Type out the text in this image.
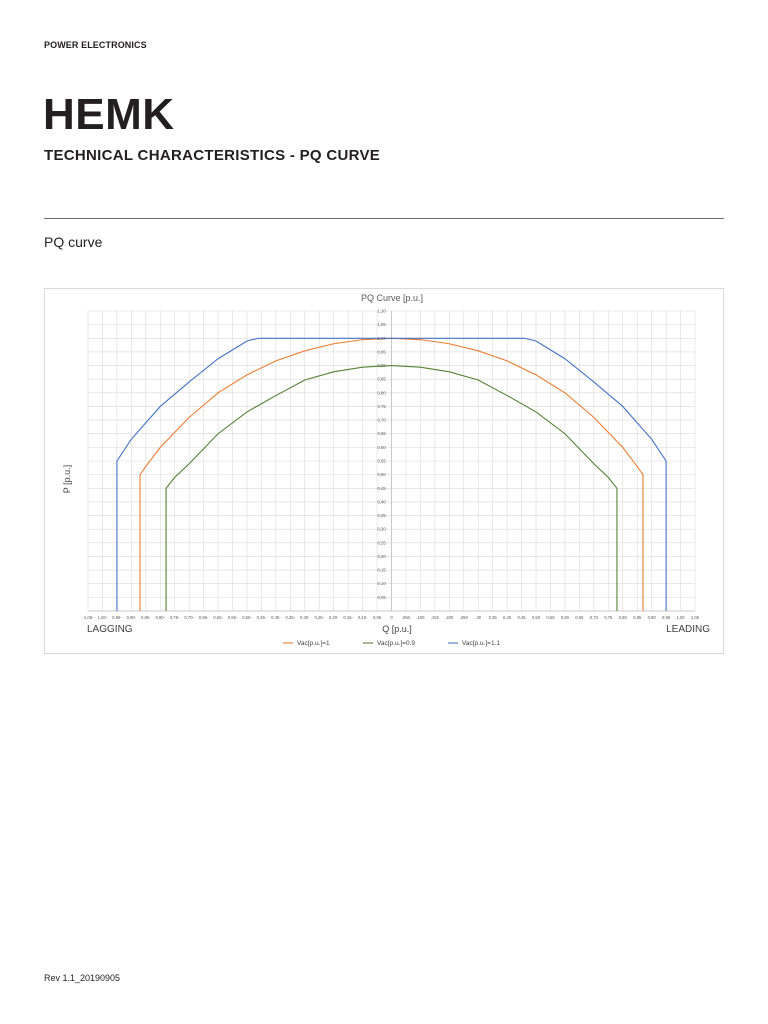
POWER ELECTRONICS
HEMK
TECHNICAL CHARACTERISTICS - PQ CURVE
PQ curve
PQ Curve [p.u.]
1,10
1,05
1,00
0,95
0,90
0,85
0,80
0,75
0,70
0,65
0,60
0,55
0,50
0,45
0,40
0,35
0,30
0,25
0,20
0,15
0,10
0,05
-1,05- 1,00- 0,95- 0,90- 0,85- 0,80- 0,75- 0,70- 0,65- 0,60- 0,55- 0,50- 0,45- 0,40- 0,35- 0,30- 0,25- 0,20- 0,15- 0,10- 0,05 0 ,050 ,100 ,150 ,200 ,250 ,30 0,35 0,40 0,45 0,50 0,55 0,60 0,65 0,70 0,75 0,80 0,85 0,90 0,95 1,00 1,05
P [p.u.]
Q [p.u.]
LAGGING	LEADING
Vac[p.u.]=1	Vac[p.u.]=0.9	Vac[p.u.]=1.1
Rev 1.1_20190905
